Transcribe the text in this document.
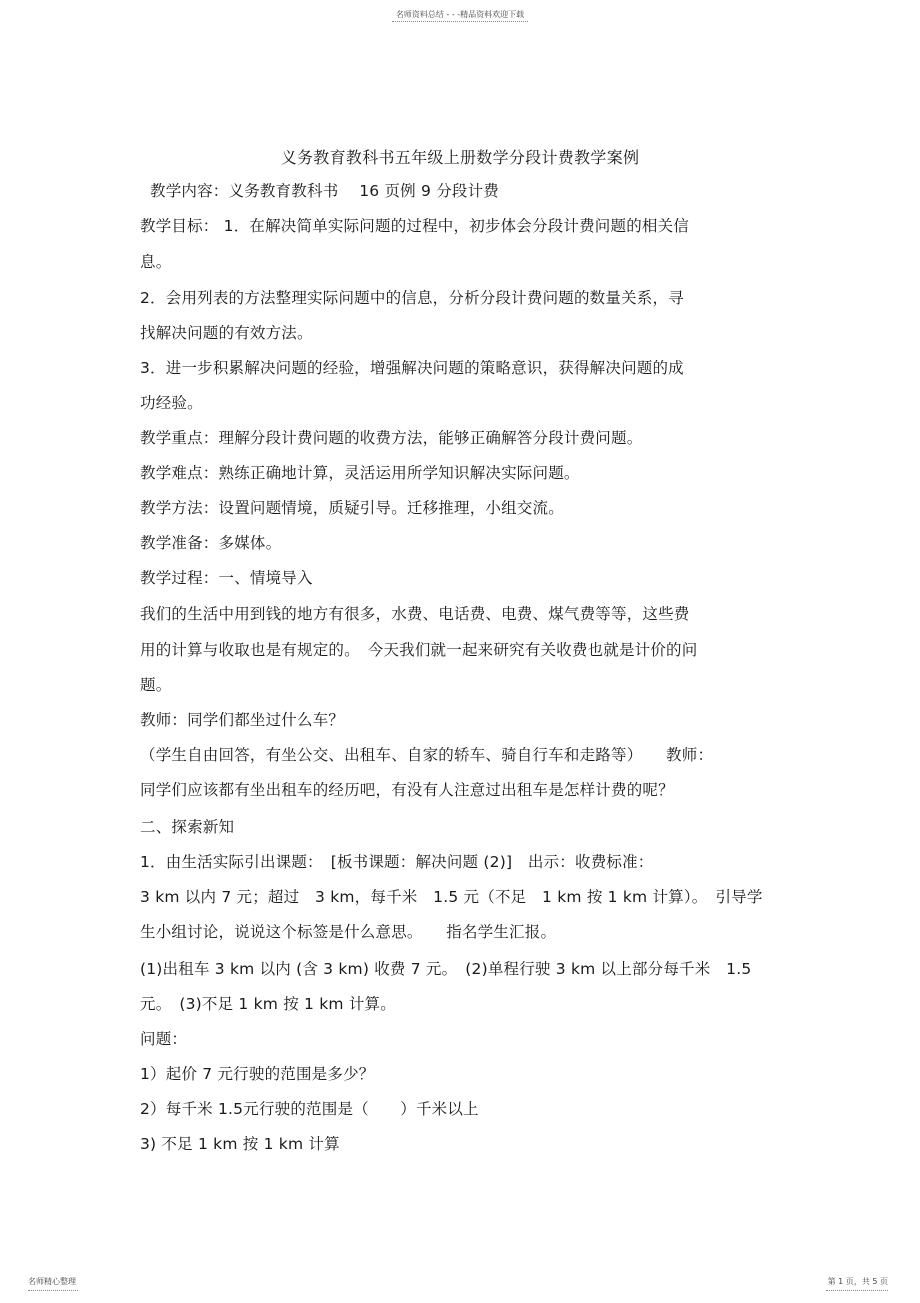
名师资料总结 - - -精品资料欢迎下载
义务教育教科书五年级上册数学分段计费教学案例
教学内容：义务教育教科书　 16 页例 9 分段计费
教学目标： 1．在解决简单实际问题的过程中，初步体会分段计费问题的相关信
息。
2．会用列表的方法整理实际问题中的信息，分析分段计费问题的数量关系，寻
找解决问题的有效方法。
3．进一步积累解决问题的经验，增强解决问题的策略意识，获得解决问题的成
功经验。
教学重点：理解分段计费问题的收费方法，能够正确解答分段计费问题。
教学难点：熟练正确地计算，灵活运用所学知识解决实际问题。
教学方法：设置问题情境，质疑引导。迁移推理，小组交流。
教学准备：多媒体。
教学过程：一、情境导入
我们的生活中用到钱的地方有很多，水费、电话费、电费、煤气费等等，这些费
用的计算与收取也是有规定的。　今天我们就一起来研究有关收费也就是计价的问
题。
教师：同学们都坐过什么车？
（学生自由回答，有坐公交、出租车、自家的轿车、骑自行车和走路等）　　教师：
同学们应该都有坐出租车的经历吧，有没有人注意过出租车是怎样计费的呢？
二、探索新知
1．由生活实际引出课题：　[板书课题：解决问题 (2)]　出示：收费标准：
3 km 以内 7 元；超过　3 km，每千米　1.5 元（不足　1 km 按 1 km 计算）。　引导学
生小组讨论，说说这个标签是什么意思。　　指名学生汇报。
(1)出租车 3 km 以内 (含 3 km) 收费 7 元。　(2)单程行驶 3 km 以上部分每千米　1.5
元。　(3)不足 1 km 按 1 km 计算。
问题：
1）起价 7 元行驶的范围是多少？
2）每千米 1.5元行驶的范围是（　　）千米以上
3) 不足 1 km 按 1 km 计算
名师精心整理	第 1 页，共 5 页
